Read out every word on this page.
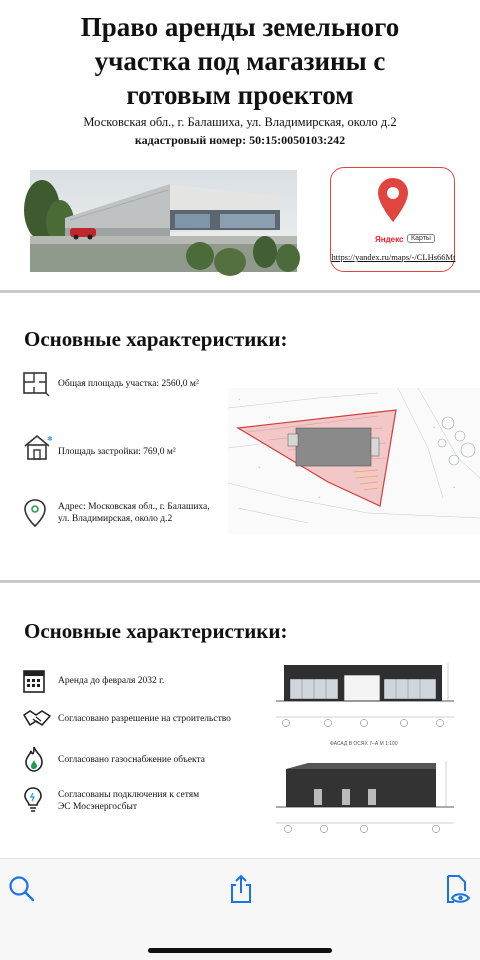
Право аренды земельного
участка под магазины с
готовым проектом
Московская обл., г. Балашиха, ул. Владимирская, около д.2
кадастровый номер: 50:15:0050103:242
Яндекс	Карты
https://yandex.ru/maps/-/CLHs66Mt
Основные характеристики:
Общая площадь участка: 2560,0 м²
✱
Площадь застройки: 769,0 м²
Адрес: Московская обл., г. Балашиха,
ул. Владимирская, около д.2
+
+
+
+
+
+
Основные характеристики:
Аренда до февраля 2032 г.
Согласовано разрешение на строительство
Согласовано газоснабжение объекта
Согласованы подключения к сетям
ЭС Мосэнергосбыт
ФАСАД В ОСЯХ 7–А М 1:100
